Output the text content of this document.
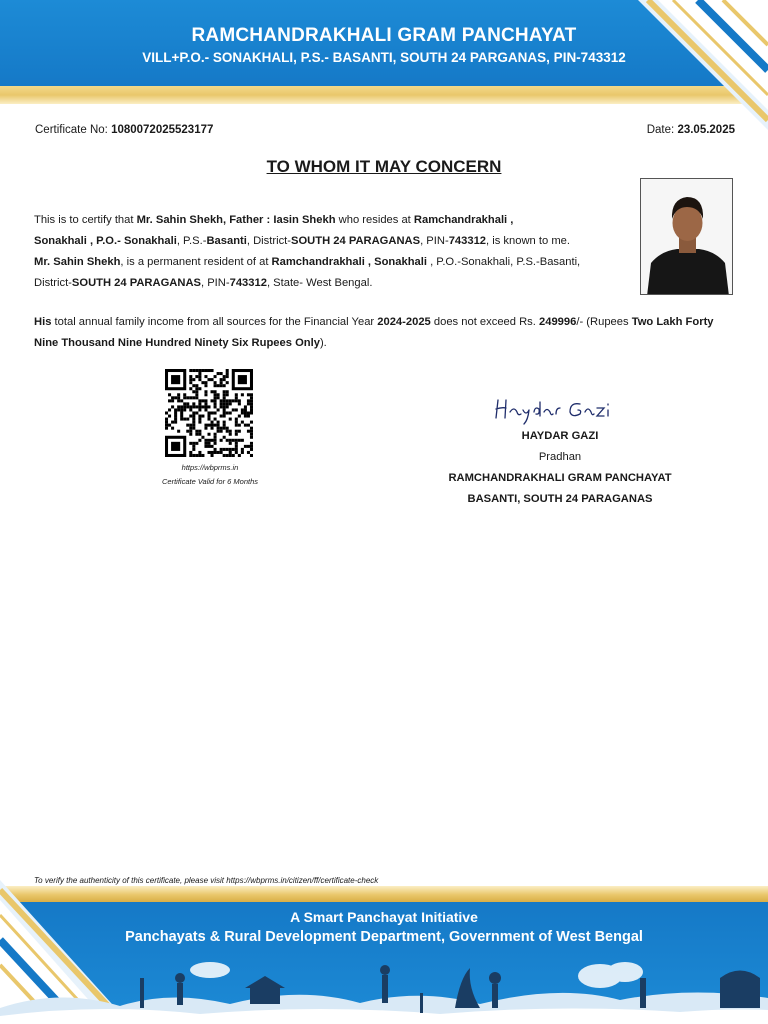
RAMCHANDRAKHALI GRAM PANCHAYAT
VILL+P.O.- SONAKHALI, P.S.- BASANTI, SOUTH 24 PARGANAS, PIN-743312
Certificate No: 1080072025523177	Date: 23.05.2025
TO WHOM IT MAY CONCERN
This is to certify that Mr. Sahin Shekh, Father : Iasin Shekh who resides at Ramchandrakhali ,
Sonakhali , P.O.- Sonakhali, P.S.-Basanti, District-SOUTH 24 PARAGANAS, PIN-743312, is known to me.
Mr. Sahin Shekh, is a permanent resident of at Ramchandrakhali , Sonakhali , P.O.-Sonakhali, P.S.-Basanti, District-SOUTH 24 PARAGANAS, PIN-743312, State- West Bengal.
His total annual family income from all sources for the Financial Year 2024-2025 does not exceed Rs. 249996/- (Rupees Two Lakh Forty Nine Thousand Nine Hundred Ninety Six Rupees Only).
https://wbprms.in
Certificate Valid for 6 Months
HAYDAR GAZI
Pradhan
RAMCHANDRAKHALI GRAM PANCHAYAT
BASANTI, SOUTH 24 PARAGANAS
To verify the authenticity of this certificate, please visit https://wbprms.in/citizen/ff/certificate-check
A Smart Panchayat Initiative
Panchayats & Rural Development Department, Government of West Bengal
